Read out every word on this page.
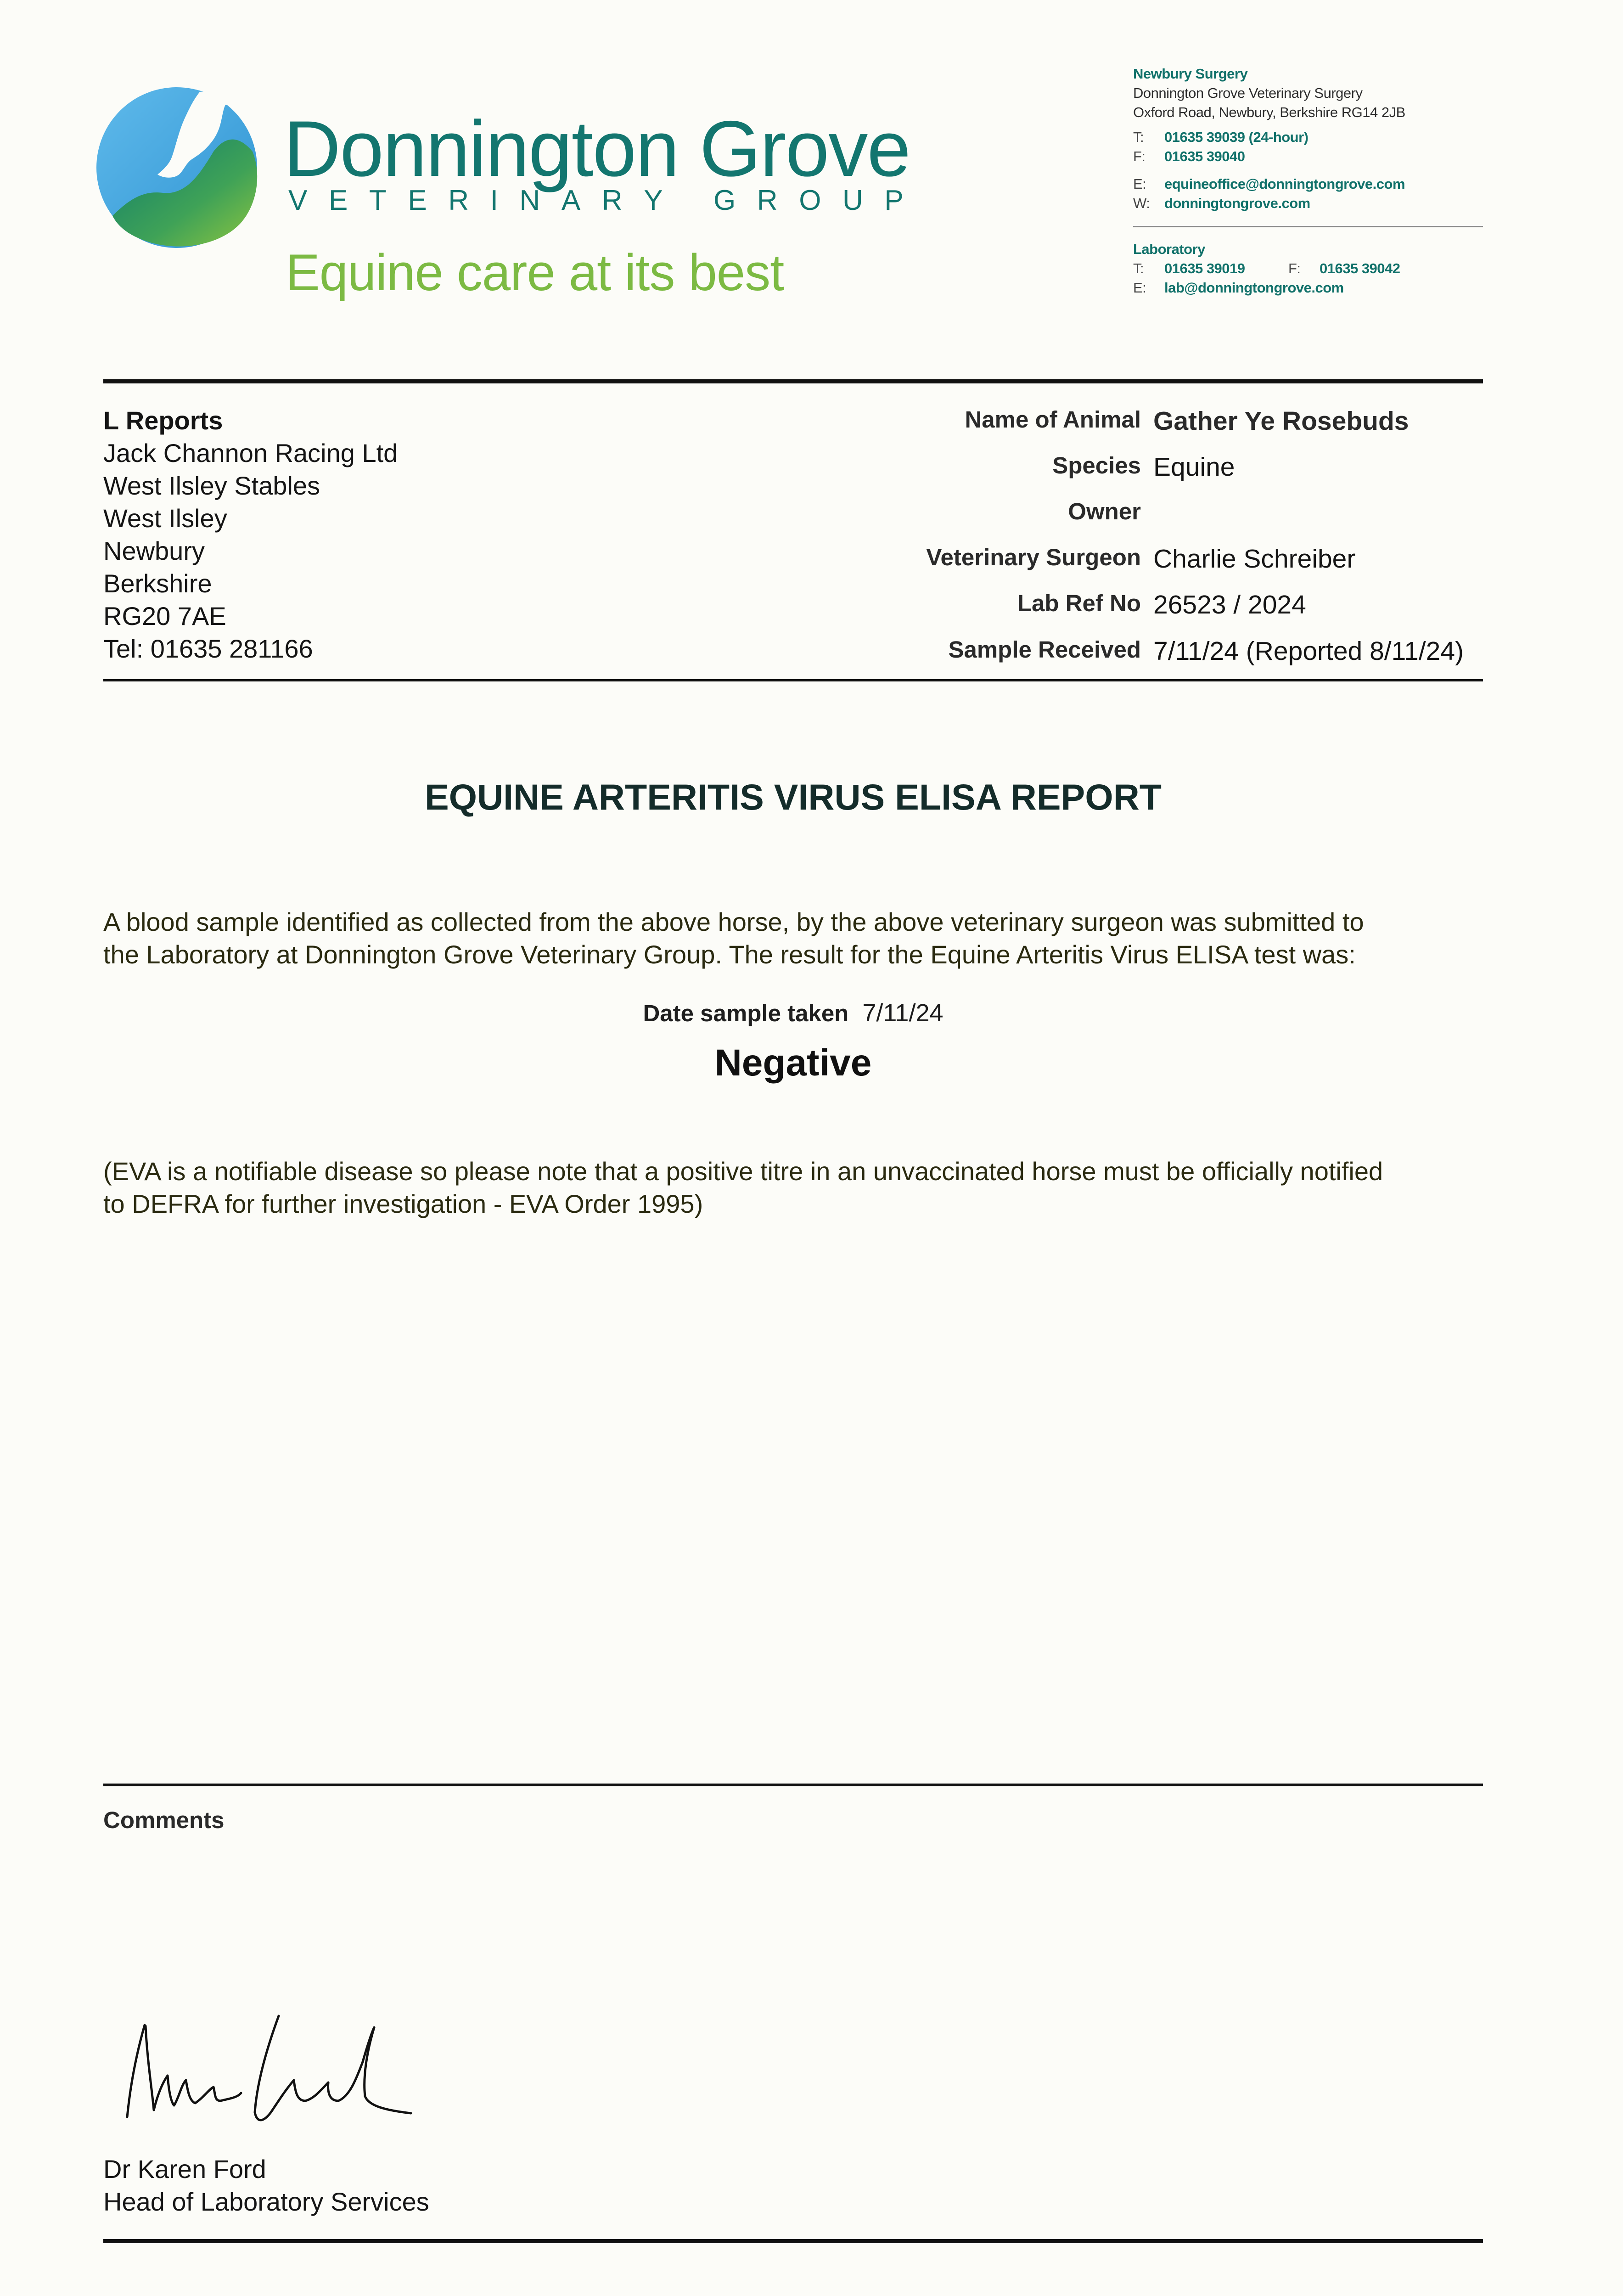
Donnington Grove
V E T E R I N A R Y
G R O U P
Equine care at its best
Newbury Surgery
Donnington Grove Veterinary Surgery
Oxford Road, Newbury, Berkshire RG14 2JB
T: 01635 39039 (24-hour)
F: 01635 39040
E: equineoffice@donningtongrove.com
W: donningtongrove.com
Laboratory
T: 01635 39019	F: 01635 39042
E: lab@donningtongrove.com
L Reports
Jack Channon Racing Ltd
West Ilsley Stables
West Ilsley
Newbury
Berkshire
RG20 7AE
Tel: 01635 281166
Name of Animal Gather Ye Rosebuds
Species Equine
Owner
Veterinary Surgeon Charlie Schreiber
Lab Ref No 26523 / 2024
Sample Received 7/11/24 (Reported 8/11/24)
EQUINE ARTERITIS VIRUS ELISA REPORT
A blood sample identified as collected from the above horse, by the above veterinary surgeon was submitted to
the Laboratory at Donnington Grove Veterinary Group. The result for the Equine Arteritis Virus ELISA test was:
Date sample taken 7/11/24
Negative
(EVA is a notifiable disease so please note that a positive titre in an unvaccinated horse must be officially notified
to DEFRA for further investigation - EVA Order 1995)
Comments
Dr Karen Ford
Head of Laboratory Services
